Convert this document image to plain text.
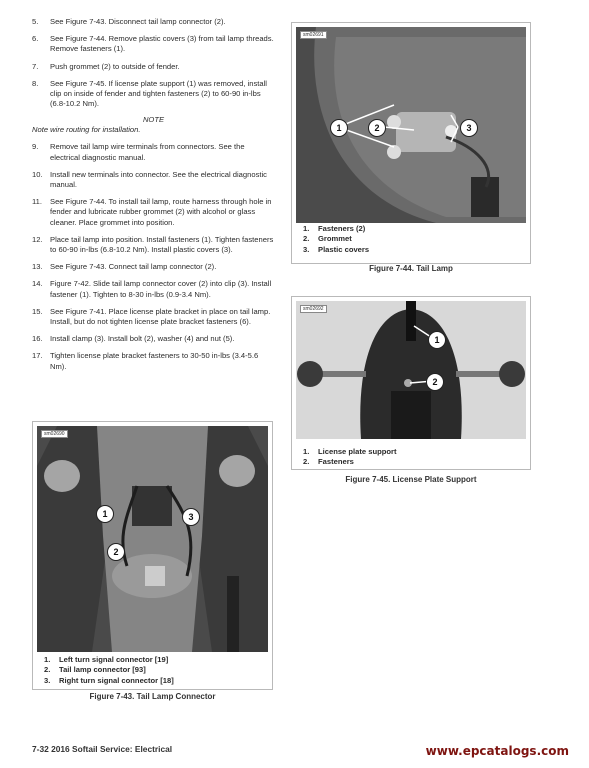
5. See Figure 7-43. Disconnect tail lamp connector (2).
6. See Figure 7-44. Remove plastic covers (3) from tail lamp threads. Remove fasteners (1).
7. Push grommet (2) to outside of fender.
8. See Figure 7-45. If license plate support (1) was removed, install clip on inside of fender and tighten fasteners (2) to 60-90 in-lbs (6.8-10.2 Nm).
NOTE
Note wire routing for installation.
9. Remove tail lamp wire terminals from connectors. See the electrical diagnostic manual.
10. Install new terminals into connector. See the electrical diagnostic manual.
11. See Figure 7-44. To install tail lamp, route harness through hole in fender and lubricate rubber grommet (2) with alcohol or glass cleaner. Place grommet into position.
12. Place tail lamp into position. Install fasteners (1). Tighten fasteners to 60-90 in-lbs (6.8-10.2 Nm). Install plastic covers (3).
13. See Figure 7-43. Connect tail lamp connector (2).
14. Figure 7-42. Slide tail lamp connector cover (2) into clip (3). Install fastener (1). Tighten to 8-30 in-lbs (0.9-3.4 Nm).
15. See Figure 7-41. Place license plate bracket in place on tail lamp. Install, but do not tighten license plate bracket fasteners (6).
16. Install clamp (3). Install bolt (2), washer (4) and nut (5).
17. Tighten license plate bracket fasteners to 30-50 in-lbs (3.4-5.6 Nm).
sm02690
1	3
2
1. Left turn signal connector [19]
2. Tail lamp connector [93]
3. Right turn signal connector [18]
Figure 7-43. Tail Lamp Connector
sm02691
1	2	3
1. Fasteners (2)
2. Grommet
3. Plastic covers
Figure 7-44. Tail Lamp
sm02692
1
2
1. License plate support
2. Fasteners
Figure 7-45. License Plate Support
7-32 2016 Softail Service: Electrical	www.epcatalogs.com
